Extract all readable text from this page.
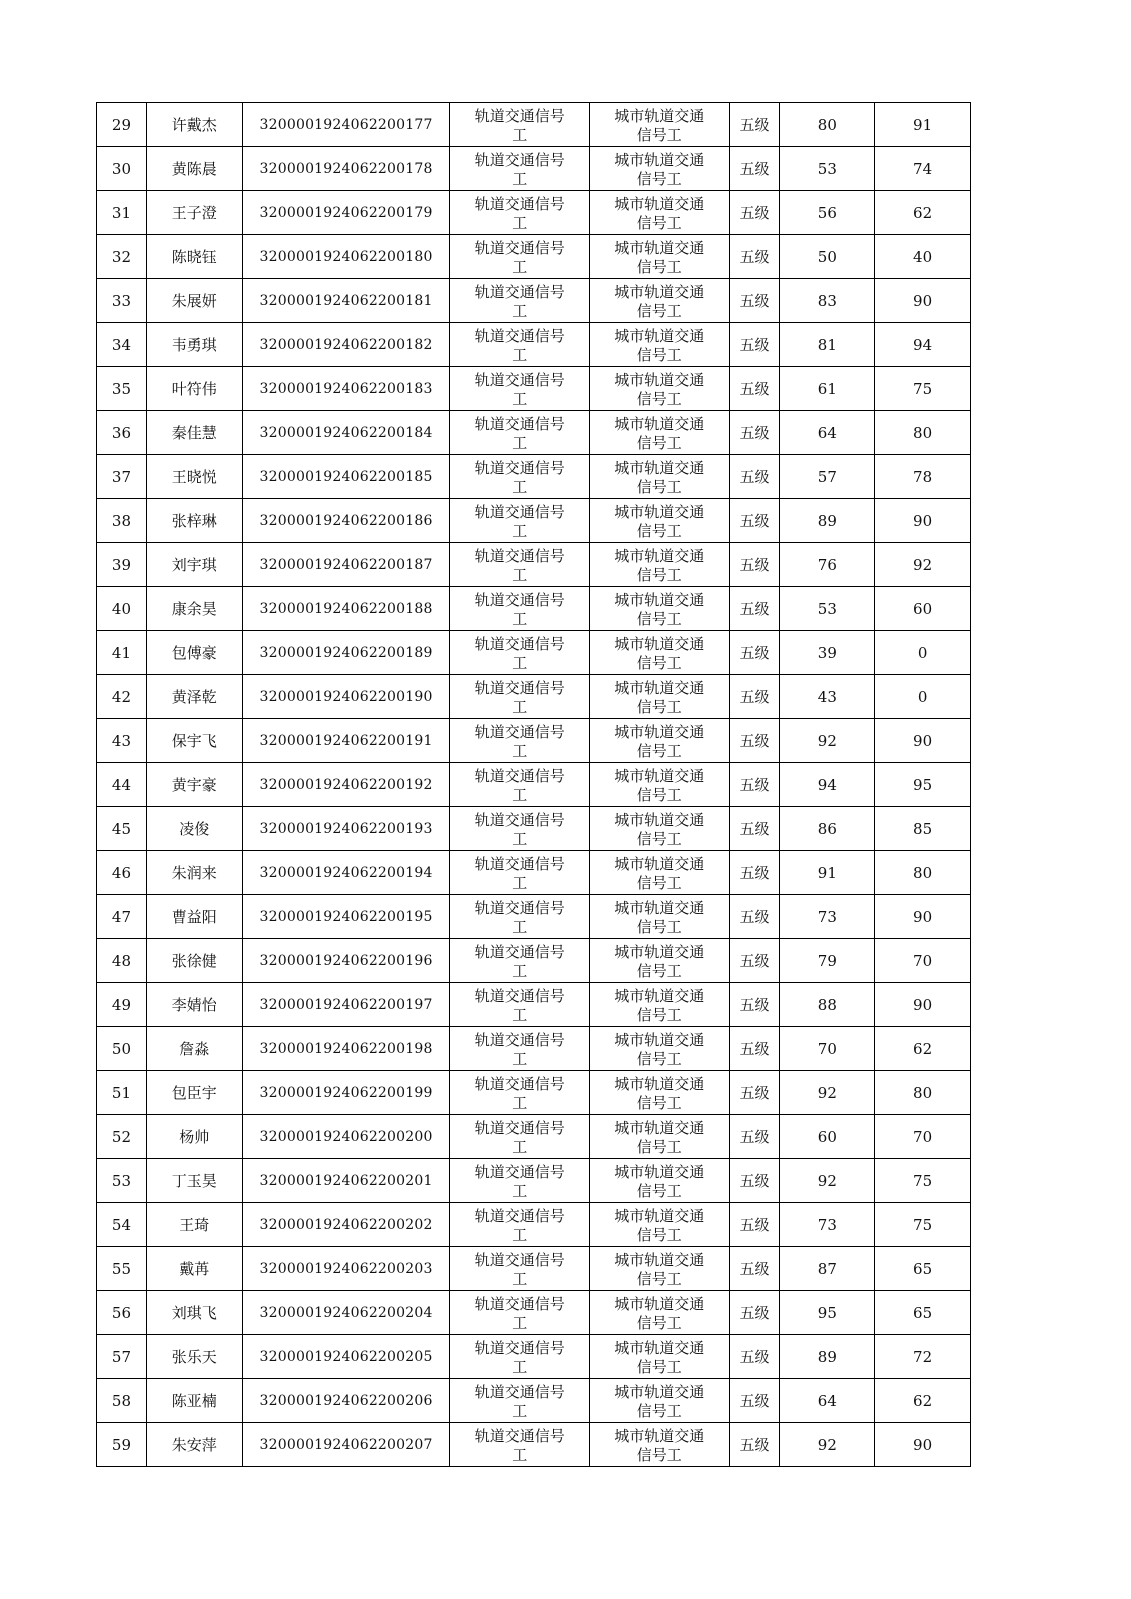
29	许戴杰	3200001924062200177	轨道交通信号工	城市轨道交通信号工	五级	80	91
30	黄陈晨	3200001924062200178	轨道交通信号工	城市轨道交通信号工	五级	53	74
31	王子澄	3200001924062200179	轨道交通信号工	城市轨道交通信号工	五级	56	62
32	陈晓钰	3200001924062200180	轨道交通信号工	城市轨道交通信号工	五级	50	40
33	朱展妍	3200001924062200181	轨道交通信号工	城市轨道交通信号工	五级	83	90
34	韦勇琪	3200001924062200182	轨道交通信号工	城市轨道交通信号工	五级	81	94
35	叶符伟	3200001924062200183	轨道交通信号工	城市轨道交通信号工	五级	61	75
36	秦佳慧	3200001924062200184	轨道交通信号工	城市轨道交通信号工	五级	64	80
37	王晓悦	3200001924062200185	轨道交通信号工	城市轨道交通信号工	五级	57	78
38	张梓琳	3200001924062200186	轨道交通信号工	城市轨道交通信号工	五级	89	90
39	刘宇琪	3200001924062200187	轨道交通信号工	城市轨道交通信号工	五级	76	92
40	康余昊	3200001924062200188	轨道交通信号工	城市轨道交通信号工	五级	53	60
41	包傅豪	3200001924062200189	轨道交通信号工	城市轨道交通信号工	五级	39	0
42	黄泽乾	3200001924062200190	轨道交通信号工	城市轨道交通信号工	五级	43	0
43	保宇飞	3200001924062200191	轨道交通信号工	城市轨道交通信号工	五级	92	90
44	黄宇豪	3200001924062200192	轨道交通信号工	城市轨道交通信号工	五级	94	95
45	凌俊	3200001924062200193	轨道交通信号工	城市轨道交通信号工	五级	86	85
46	朱润来	3200001924062200194	轨道交通信号工	城市轨道交通信号工	五级	91	80
47	曹益阳	3200001924062200195	轨道交通信号工	城市轨道交通信号工	五级	73	90
48	张徐健	3200001924062200196	轨道交通信号工	城市轨道交通信号工	五级	79	70
49	李婧怡	3200001924062200197	轨道交通信号工	城市轨道交通信号工	五级	88	90
50	詹淼	3200001924062200198	轨道交通信号工	城市轨道交通信号工	五级	70	62
51	包臣宇	3200001924062200199	轨道交通信号工	城市轨道交通信号工	五级	92	80
52	杨帅	3200001924062200200	轨道交通信号工	城市轨道交通信号工	五级	60	70
53	丁玉昊	3200001924062200201	轨道交通信号工	城市轨道交通信号工	五级	92	75
54	王琦	3200001924062200202	轨道交通信号工	城市轨道交通信号工	五级	73	75
55	戴苒	3200001924062200203	轨道交通信号工	城市轨道交通信号工	五级	87	65
56	刘琪飞	3200001924062200204	轨道交通信号工	城市轨道交通信号工	五级	95	65
57	张乐天	3200001924062200205	轨道交通信号工	城市轨道交通信号工	五级	89	72
58	陈亚楠	3200001924062200206	轨道交通信号工	城市轨道交通信号工	五级	64	62
59	朱安萍	3200001924062200207	轨道交通信号工	城市轨道交通信号工	五级	92	90
